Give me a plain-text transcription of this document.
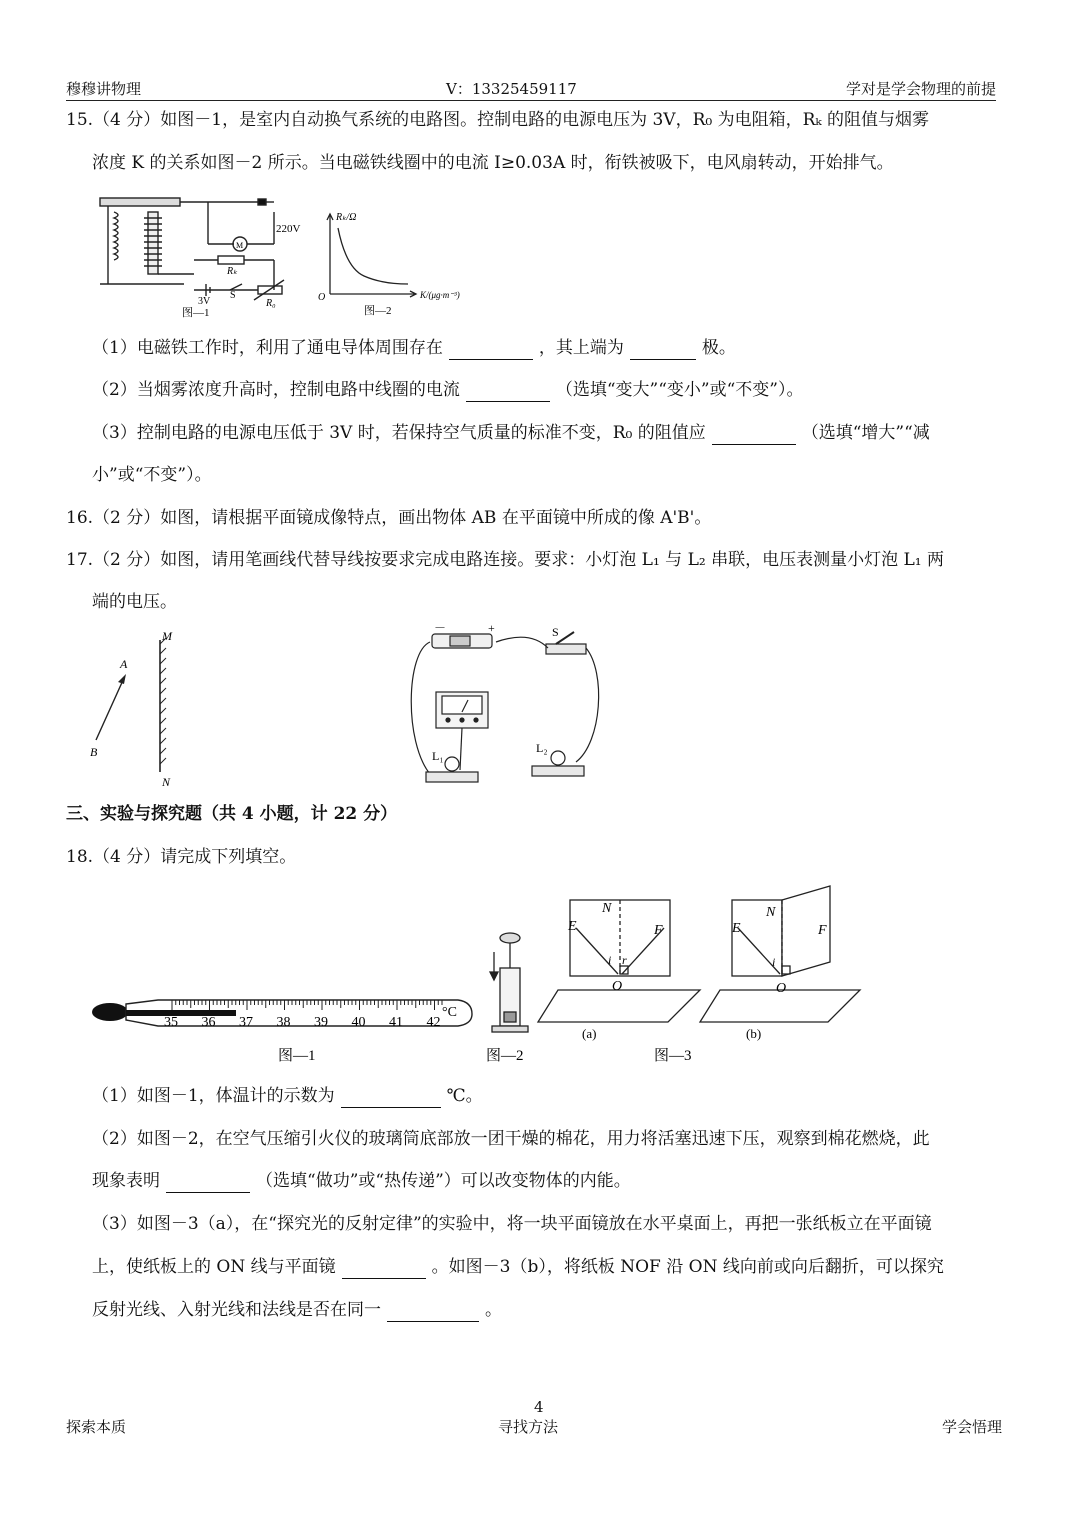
穆穆讲物理	V：13325459117	学对是学会物理的前提
15.（4 分）如图－1，是室内自动换气系统的电路图。控制电路的电源电压为 3V，R₀ 为电阻箱，Rₖ 的阻值与烟雾
浓度 K 的关系如图－2 所示。当电磁铁线圈中的电流 I≥0.03A 时，衔铁被吸下，电风扇转动，开始排气。
220V
Rₖ
M
3V
S
R₀
图—1
Rₖ/Ω
K/(μg·m⁻³)
O
图—2
（1）电磁铁工作时，利用了通电导体周围存在	，其上端为	极。
（2）当烟雾浓度升高时，控制电路中线圈的电流	（选填“变大”“变小”或“不变”）。
（3）控制电路的电源电压低于 3V 时，若保持空气质量的标准不变，R₀ 的阻值应	（选填“增大”“减
小”或“不变”）。
16.（2 分）如图，请根据平面镜成像特点，画出物体 AB 在平面镜中所成的像 A'B'。
17.（2 分）如图，请用笔画线代替导线按要求完成电路连接。要求：小灯泡 L₁ 与 L₂ 串联，电压表测量小灯泡 L₁ 两
端的电压。
A
B
M
N
－	+	S
L₁
L₂
三、实验与探究题（共 4 小题，计 22 分）
18.（4 分）请完成下列填空。
35 36 37 38 39 40 41 42
°C
图—1	图—2
E
N
F
O
i r
(a)
E
N
F
O
i
(b)
图—3
（1）如图－1，体温计的示数为	℃。
（2）如图－2，在空气压缩引火仪的玻璃筒底部放一团干燥的棉花，用力将活塞迅速下压，观察到棉花燃烧，此
现象表明	（选填“做功”或“热传递”）可以改变物体的内能。
（3）如图－3（a），在“探究光的反射定律”的实验中，将一块平面镜放在水平桌面上，再把一张纸板立在平面镜
上，使纸板上的 ON 线与平面镜	。如图－3（b），将纸板 NOF 沿 ON 线向前或向后翻折，可以探究
反射光线、入射光线和法线是否在同一	。
4
探索本质	寻找方法	学会悟理
